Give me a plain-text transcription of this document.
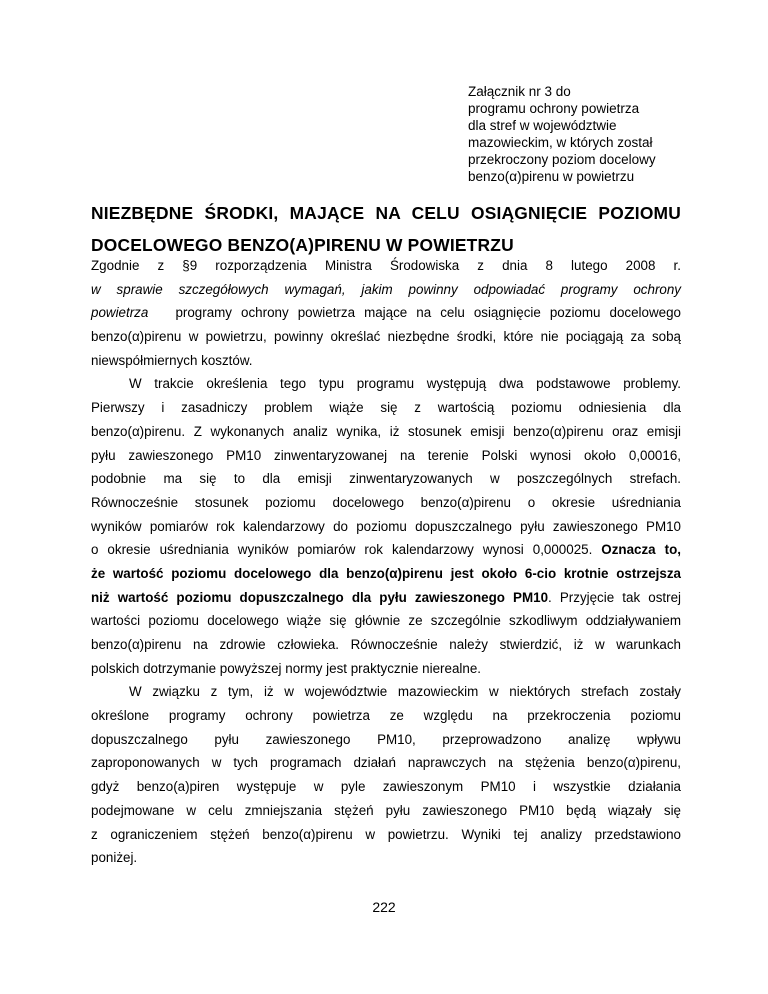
Załącznik nr 3 do
programu ochrony powietrza
dla stref w województwie
mazowieckim, w których został
przekroczony poziom docelowy
benzo(α)pirenu w powietrzu
NIEZBĘDNE ŚRODKI, MAJĄCE NA CELU OSIĄGNIĘCIE POZIOMU
DOCELOWEGO BENZO(A)PIRENU W POWIETRZU
Zgodnie z §9 rozporządzenia Ministra Środowiska z dnia 8 lutego 2008 r.
w sprawie szczegółowych wymagań, jakim powinny odpowiadać programy ochrony
powietrza programy ochrony powietrza mające na celu osiągnięcie poziomu docelowego
benzo(α)pirenu w powietrzu, powinny określać niezbędne środki, które nie pociągają za sobą
niewspółmiernych kosztów.
W trakcie określenia tego typu programu występują dwa podstawowe problemy.
Pierwszy i zasadniczy problem wiąże się z wartością poziomu odniesienia dla
benzo(α)pirenu. Z wykonanych analiz wynika, iż stosunek emisji benzo(α)pirenu oraz emisji
pyłu zawieszonego PM10 zinwentaryzowanej na terenie Polski wynosi około 0,00016,
podobnie ma się to dla emisji zinwentaryzowanych w poszczególnych strefach.
Równocześnie stosunek poziomu docelowego benzo(α)pirenu o okresie uśredniania
wyników pomiarów rok kalendarzowy do poziomu dopuszczalnego pyłu zawieszonego PM10
o okresie uśredniania wyników pomiarów rok kalendarzowy wynosi 0,000025. Oznacza to,
że wartość poziomu docelowego dla benzo(α)pirenu jest około 6-cio krotnie ostrzejsza
niż wartość poziomu dopuszczalnego dla pyłu zawieszonego PM10. Przyjęcie tak ostrej
wartości poziomu docelowego wiąże się głównie ze szczególnie szkodliwym oddziaływaniem
benzo(α)pirenu na zdrowie człowieka. Równocześnie należy stwierdzić, iż w warunkach
polskich dotrzymanie powyższej normy jest praktycznie nierealne.
W związku z tym, iż w województwie mazowieckim w niektórych strefach zostały
określone programy ochrony powietrza ze względu na przekroczenia poziomu
dopuszczalnego pyłu zawieszonego PM10, przeprowadzono analizę wpływu
zaproponowanych w tych programach działań naprawczych na stężenia benzo(α)pirenu,
gdyż benzo(a)piren występuje w pyle zawieszonym PM10 i wszystkie działania
podejmowane w celu zmniejszania stężeń pyłu zawieszonego PM10 będą wiązały się
z ograniczeniem stężeń benzo(α)pirenu w powietrzu. Wyniki tej analizy przedstawiono
poniżej.
222
